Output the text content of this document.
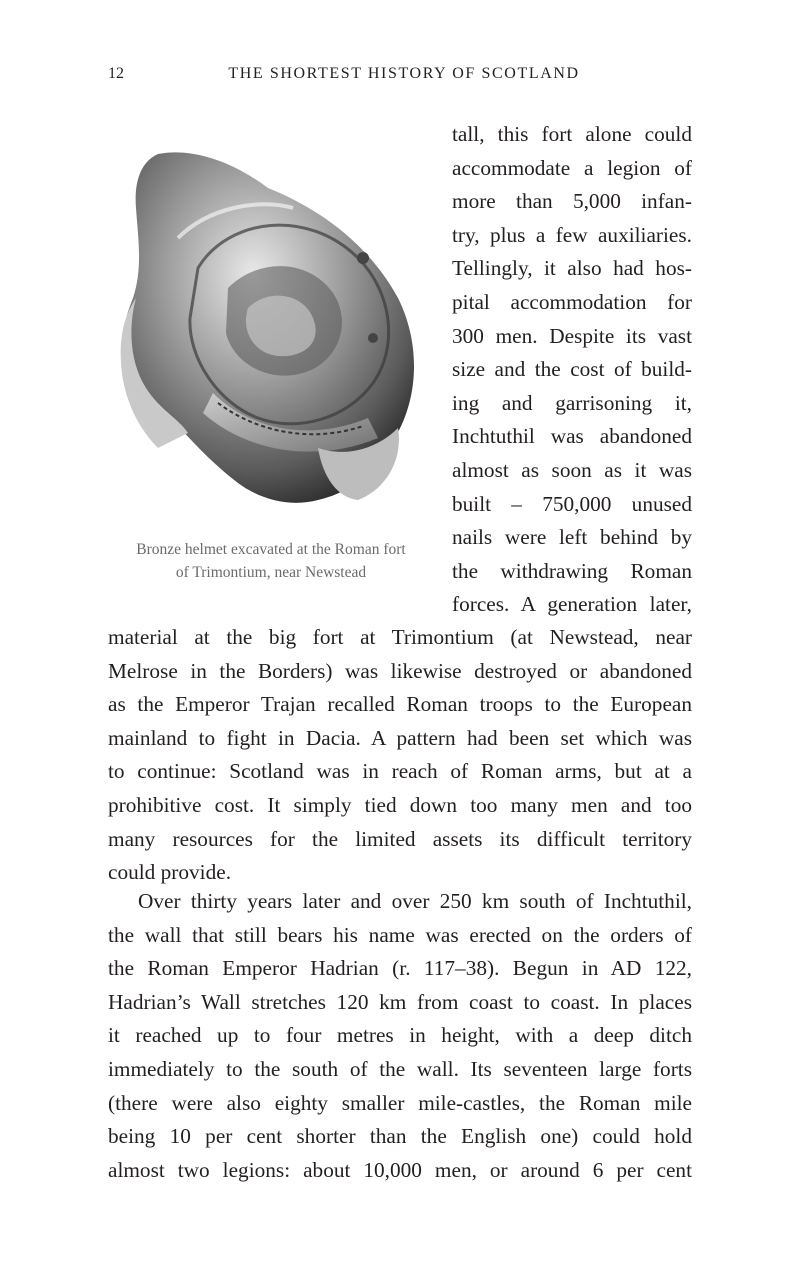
12	THE SHORTEST HISTORY OF SCOTLAND
Bronze helmet excavated at the Roman fort
of Trimontium, near Newstead
tall, this fort alone could
accommodate a legion of
more than 5,000 infan-
try, plus a few auxiliaries.
Tellingly, it also had hos-
pital accommodation for
300 men. Despite its vast
size and the cost of build-
ing and garrisoning it,
Inchtuthil was abandoned
almost as soon as it was
built – 750,000 unused
nails were left behind by
the withdrawing Roman
forces. A generation later,
material at the big fort at Trimontium (at Newstead, near
Melrose in the Borders) was likewise destroyed or abandoned
as the Emperor Trajan recalled Roman troops to the European
mainland to fight in Dacia. A pattern had been set which was
to continue: Scotland was in reach of Roman arms, but at a
prohibitive cost. It simply tied down too many men and too
many resources for the limited assets its difficult territory
could provide.
Over thirty years later and over 250 km south of Inchtuthil,
the wall that still bears his name was erected on the orders of
the Roman Emperor Hadrian (r. 117–38). Begun in AD 122,
Hadrian’s Wall stretches 120 km from coast to coast. In places
it reached up to four metres in height, with a deep ditch
immediately to the south of the wall. Its seventeen large forts
(there were also eighty smaller mile-castles, the Roman mile
being 10 per cent shorter than the English one) could hold
almost two legions: about 10,000 men, or around 6 per cent
